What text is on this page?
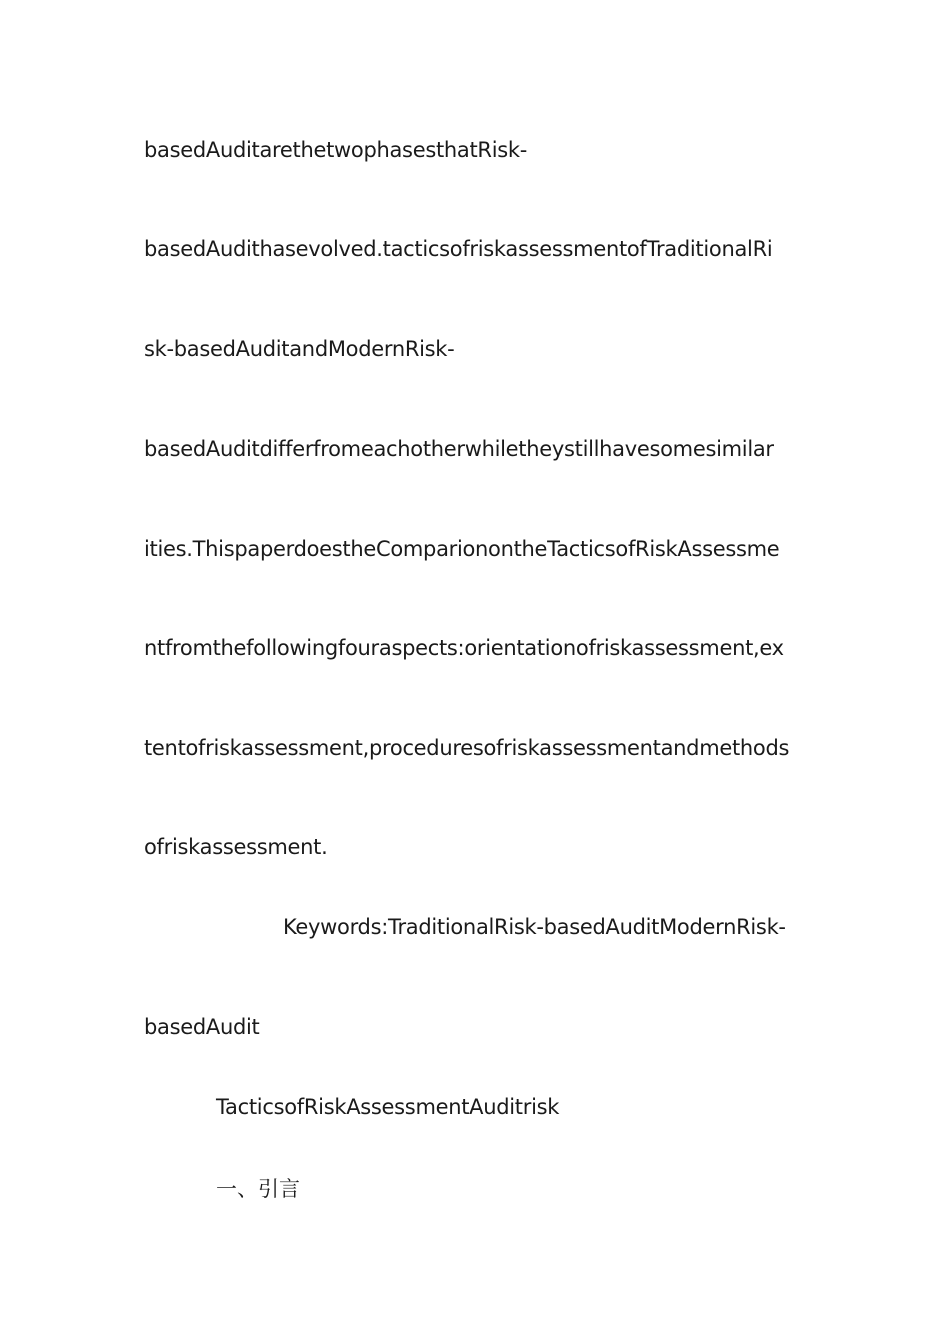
basedAuditarethetwophasesthatRisk-
basedAudithasevolved.tacticsofriskassessmentofTraditionalRi
sk-basedAuditandModernRisk-
basedAuditdifferfromeachotherwhiletheystillhavesomesimilar
ities.ThispaperdoestheComparionontheTacticsofRiskAssessme
ntfromthefollowingfouraspects:orientationofriskassessment,ex
tentofriskassessment,proceduresofriskassessmentandmethods
ofriskassessment.
Keywords:TraditionalRisk-basedAuditModernRisk-
basedAudit
TacticsofRiskAssessmentAuditrisk
一、引言
